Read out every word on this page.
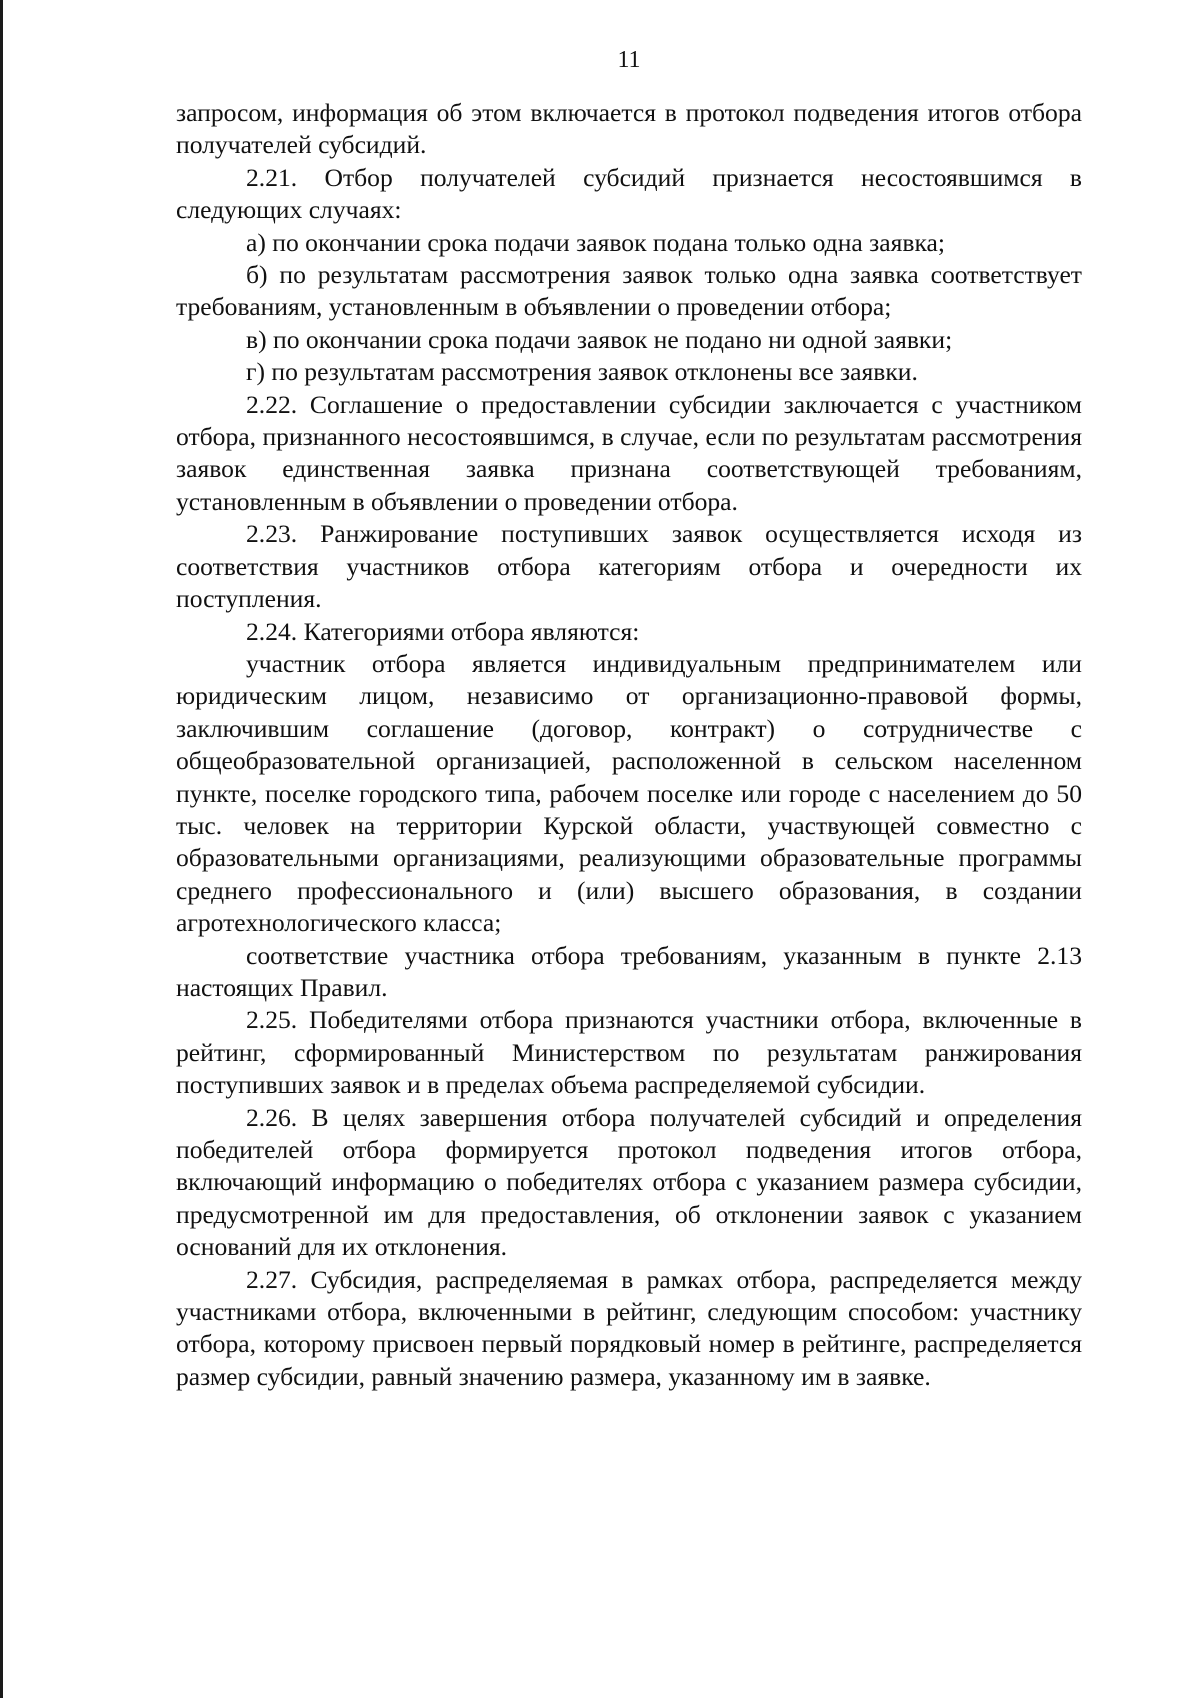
11

запросом, информация об этом включается в протокол подведения итогов отбора получателей субсидий.

2.21. Отбор получателей субсидий признается несостоявшимся в следующих случаях:

а) по окончании срока подачи заявок подана только одна заявка;

б) по результатам рассмотрения заявок только одна заявка соответствует требованиям, установленным в объявлении о проведении отбора;

в) по окончании срока подачи заявок не подано ни одной заявки;

г) по результатам рассмотрения заявок отклонены все заявки.

2.22. Соглашение о предоставлении субсидии заключается с участником отбора, признанного несостоявшимся, в случае, если по результатам рассмотрения заявок единственная заявка признана соответствующей требованиям, установленным в объявлении о проведении отбора.

2.23. Ранжирование поступивших заявок осуществляется исходя из соответствия участников отбора категориям отбора и очередности их поступления.

2.24. Категориями отбора являются:

участник отбора является индивидуальным предпринимателем или юридическим лицом, независимо от организационно-правовой формы, заключившим соглашение (договор, контракт) о сотрудничестве с общеобразовательной организацией, расположенной в сельском населенном пункте, поселке городского типа, рабочем поселке или городе с населением до 50 тыс. человек на территории Курской области, участвующей совместно с образовательными организациями, реализующими образовательные программы среднего профессионального и (или) высшего образования, в создании агротехнологического класса;

соответствие участника отбора требованиям, указанным в пункте 2.13 настоящих Правил.

2.25. Победителями отбора признаются участники отбора, включенные в рейтинг, сформированный Министерством по результатам ранжирования поступивших заявок и в пределах объема распределяемой субсидии.

2.26. В целях завершения отбора получателей субсидий и определения победителей отбора формируется протокол подведения итогов отбора, включающий информацию о победителях отбора с указанием размера субсидии, предусмотренной им для предоставления, об отклонении заявок с указанием оснований для их отклонения.

2.27. Субсидия, распределяемая в рамках отбора, распределяется между участниками отбора, включенными в рейтинг, следующим способом: участнику отбора, которому присвоен первый порядковый номер в рейтинге, распределяется размер субсидии, равный значению размера, указанному им в заявке.
